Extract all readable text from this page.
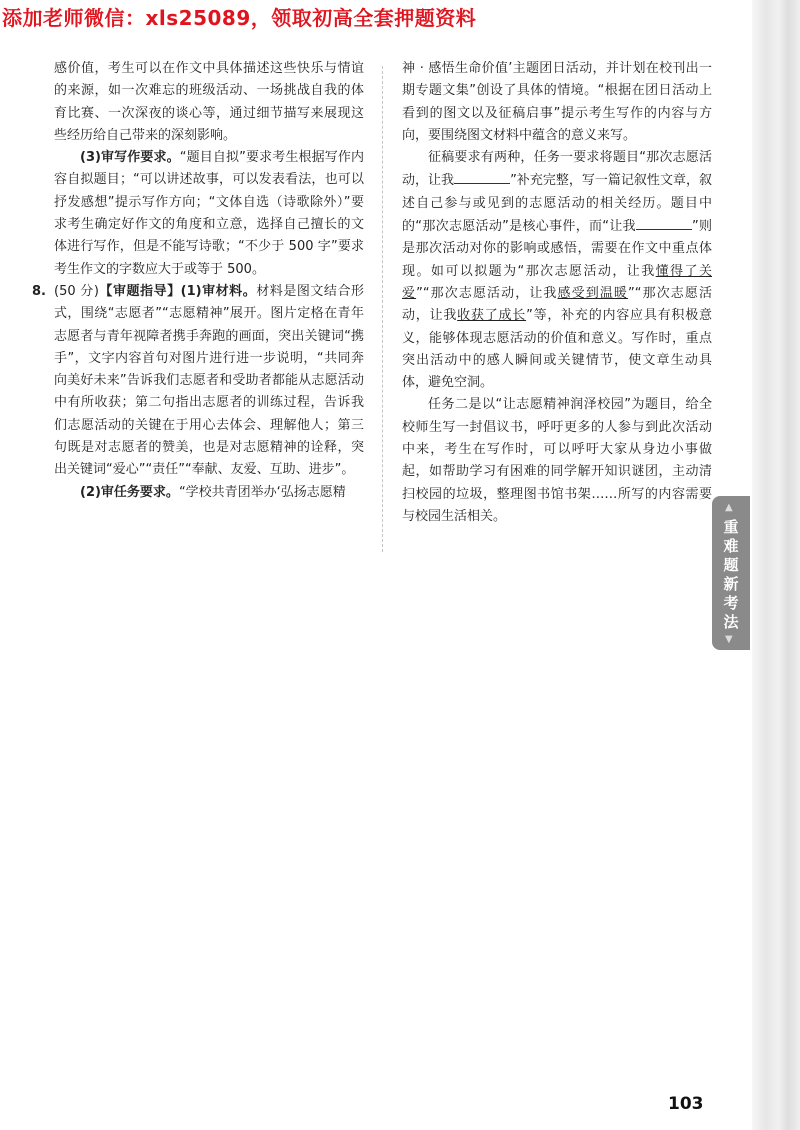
添加老师微信：xls25089，领取初高全套押题资料

感价值，考生可以在作文中具体描述这些快乐与情谊的来源，如一次难忘的班级活动、一场挑战自我的体育比赛、一次深夜的谈心等，通过细节描写来展现这些经历给自己带来的深刻影响。

(3)审写作要求。“题目自拟”要求考生根据写作内容自拟题目；“可以讲述故事，可以发表看法，也可以抒发感想”提示写作方向；“文体自选（诗歌除外）”要求考生确定好作文的角度和立意，选择自己擅长的文体进行写作，但是不能写诗歌；“不少于 500 字”要求考生作文的字数应大于或等于 500。

8. (50 分)【审题指导】(1)审材料。材料是图文结合形式，围绕“志愿者”“志愿精神”展开。图片定格在青年志愿者与青年视障者携手奔跑的画面，突出关键词“携手”，文字内容首句对图片进行进一步说明，“共同奔向美好未来”告诉我们志愿者和受助者都能从志愿活动中有所收获；第二句指出志愿者的训练过程，告诉我们志愿活动的关键在于用心去体会、理解他人；第三句既是对志愿者的赞美，也是对志愿精神的诠释，突出关键词“爱心”“责任”“奉献、友爱、互助、进步”。

(2)审任务要求。“学校共青团举办‘弘扬志愿精

神 · 感悟生命价值’主题团日活动，并计划在校刊出一期专题文集”创设了具体的情境。“根据在团日活动上看到的图文以及征稿启事”提示考生写作的内容与方向，要围绕图文材料中蕴含的意义来写。

征稿要求有两种，任务一要求将题目“那次志愿活动，让我	”补充完整，写一篇记叙性文章，叙述自己参与或见到的志愿活动的相关经历。题目中的“那次志愿活动”是核心事件，而“让我	”则是那次活动对你的影响或感悟，需要在作文中重点体现。如可以拟题为“那次志愿活动，让我懂得了关爱”“那次志愿活动，让我感受到温暖”“那次志愿活动，让我收获了成长”等，补充的内容应具有积极意义，能够体现志愿活动的价值和意义。写作时，重点突出活动中的感人瞬间或关键情节，使文章生动具体，避免空洞。

任务二是以“让志愿精神润泽校园”为题目，给全校师生写一封倡议书，呼吁更多的人参与到此次活动中来，考生在写作时，可以呼吁大家从身边小事做起，如帮助学习有困难的同学解开知识谜团，主动清扫校园的垃圾，整理图书馆书架……所写的内容需要与校园生活相关。

▲
重难题新考法
▼
103
